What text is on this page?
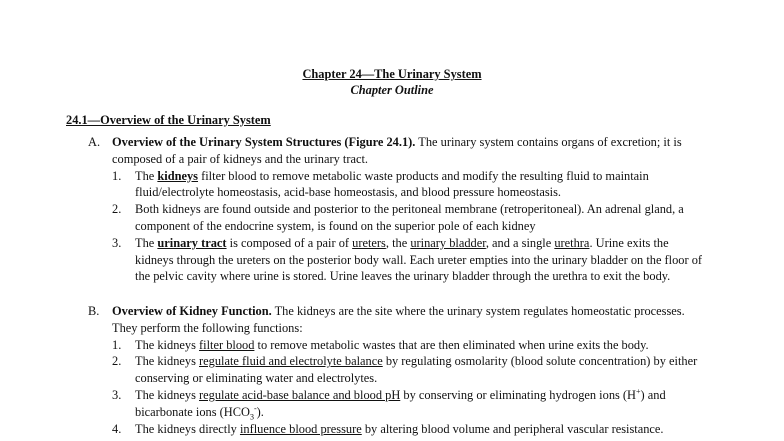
Chapter 24—The Urinary System
Chapter Outline
24.1—Overview of the Urinary System
A. Overview of the Urinary System Structures (Figure 24.1). The urinary system contains organs of excretion; it is composed of a pair of kidneys and the urinary tract.
1.	The kidneys filter blood to remove metabolic waste products and modify the resulting fluid to maintain fluid/electrolyte homeostasis, acid-base homeostasis, and blood pressure homeostasis.
2.	Both kidneys are found outside and posterior to the peritoneal membrane (retroperitoneal). An adrenal gland, a component of the endocrine system, is found on the superior pole of each kidney
3.	The urinary tract is composed of a pair of ureters, the urinary bladder, and a single urethra. Urine exits the kidneys through the ureters on the posterior body wall. Each ureter empties into the urinary bladder on the floor of the pelvic cavity where urine is stored. Urine leaves the urinary bladder through the urethra to exit the body.
B.	Overview of Kidney Function. The kidneys are the site where the urinary system regulates homeostatic processes. They perform the following functions:
1.	The kidneys filter blood to remove metabolic wastes that are then eliminated when urine exits the body.
2.	The kidneys regulate fluid and electrolyte balance by regulating osmolarity (blood solute concentration) by either conserving or eliminating water and electrolytes.
3.	The kidneys regulate acid-base balance and blood pH by conserving or eliminating hydrogen ions (H+) and bicarbonate ions $(HCO_3^-)$.
4.	The kidneys directly influence blood pressure by altering blood volume and peripheral vascular resistance.
